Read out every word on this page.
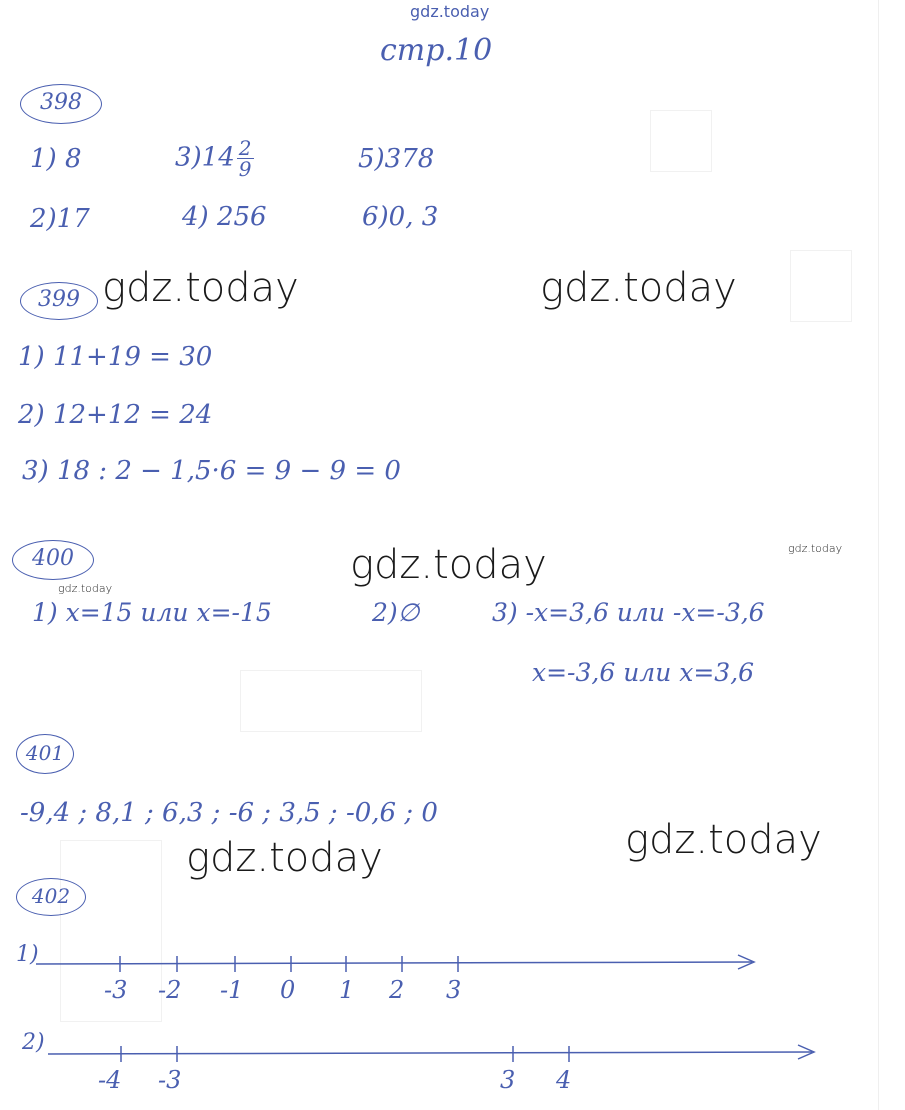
gdz.today
стр.10
398
1) 8	$3)14 \frac{2}{9}$	5)378
2)17	4) 256	6)0, 3
399 gdz.today	gdz.today
1) 11+19 = 30
2) 12+12 = 24
3) 18 : 2 − 1,5·6 = 9 − 9 = 0
400	gdz.today	gdz.today
gdz.today
1) x=15 или x=-15	2)∅	3) -x=3,6 или -x=-3,6
x=-3,6 или x=3,6
401
-9,4 ; 8,1 ; 6,3 ; -6 ; 3,5 ; -0,6 ; 0
gdz.today
gdz.today
402
1)
-3 -2 -1 0 1 2 3
2)
-4 -3	3 4
